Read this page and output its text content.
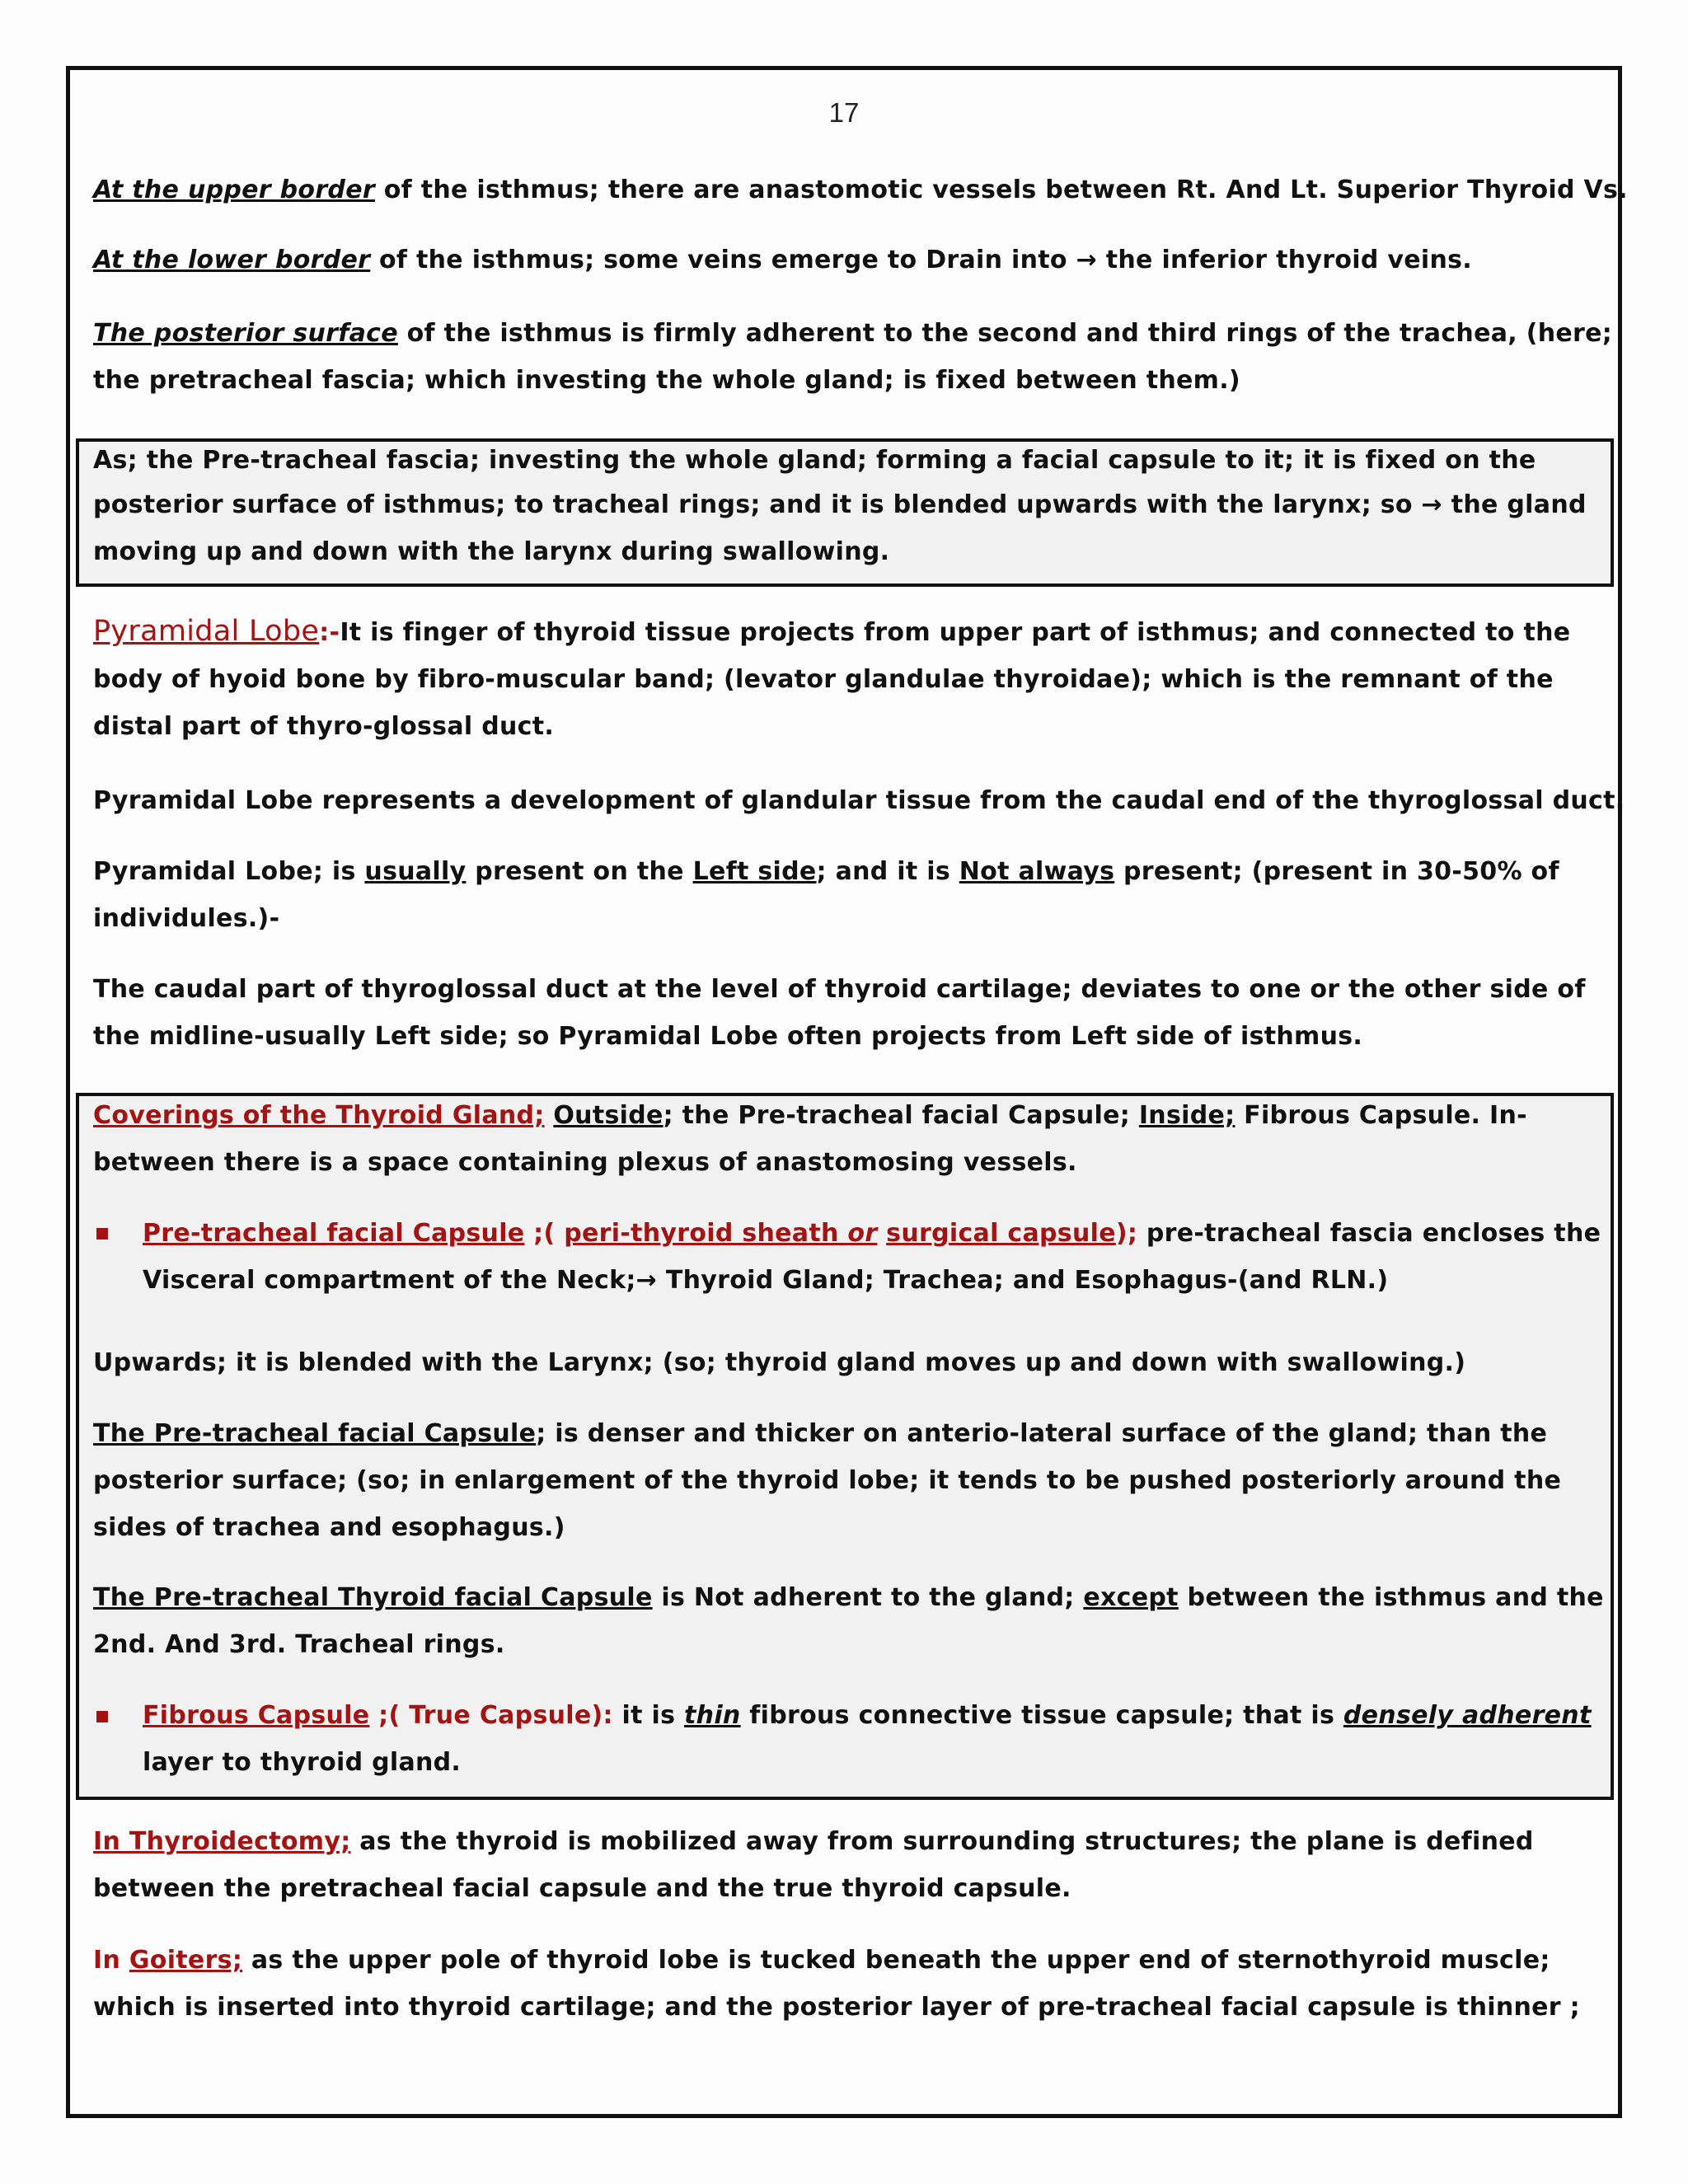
17
At the upper border of the isthmus; there are anastomotic vessels between Rt. And Lt. Superior Thyroid Vs.
At the lower border of the isthmus; some veins emerge to Drain into → the inferior thyroid veins.
The posterior surface of the isthmus is firmly adherent to the second and third rings of the trachea, (here;
the pretracheal fascia; which investing the whole gland; is fixed between them.)
As; the Pre-tracheal fascia; investing the whole gland; forming a facial capsule to it; it is fixed on the
posterior surface of isthmus; to tracheal rings; and it is blended upwards with the larynx; so → the gland
moving up and down with the larynx during swallowing.
Pyramidal Lobe:-It is finger of thyroid tissue projects from upper part of isthmus; and connected to the
body of hyoid bone by fibro-muscular band; (levator glandulae thyroidae); which is the remnant of the
distal part of thyro-glossal duct.
Pyramidal Lobe represents a development of glandular tissue from the caudal end of the thyroglossal duct.
Pyramidal Lobe; is usually present on the Left side; and it is Not always present; (present in 30-50% of
individules.)-
The caudal part of thyroglossal duct at the level of thyroid cartilage; deviates to one or the other side of
the midline-usually Left side; so Pyramidal Lobe often projects from Left side of isthmus.
Coverings of the Thyroid Gland; Outside; the Pre-tracheal facial Capsule; Inside; Fibrous Capsule. In-
between there is a space containing plexus of anastomosing vessels.
Pre-tracheal facial Capsule ;( peri-thyroid sheath or surgical capsule); pre-tracheal fascia encloses the
Visceral compartment of the Neck;→ Thyroid Gland; Trachea; and Esophagus-(and RLN.)
Upwards; it is blended with the Larynx; (so; thyroid gland moves up and down with swallowing.)
The Pre-tracheal facial Capsule; is denser and thicker on anterio-lateral surface of the gland; than the
posterior surface; (so; in enlargement of the thyroid lobe; it tends to be pushed posteriorly around the
sides of trachea and esophagus.)
The Pre-tracheal Thyroid facial Capsule is Not adherent to the gland; except between the isthmus and the
2nd. And 3rd. Tracheal rings.
Fibrous Capsule ;( True Capsule): it is thin fibrous connective tissue capsule; that is densely adherent
layer to thyroid gland.
In Thyroidectomy; as the thyroid is mobilized away from surrounding structures; the plane is defined
between the pretracheal facial capsule and the true thyroid capsule.
In Goiters; as the upper pole of thyroid lobe is tucked beneath the upper end of sternothyroid muscle;
which is inserted into thyroid cartilage; and the posterior layer of pre-tracheal facial capsule is thinner ;
